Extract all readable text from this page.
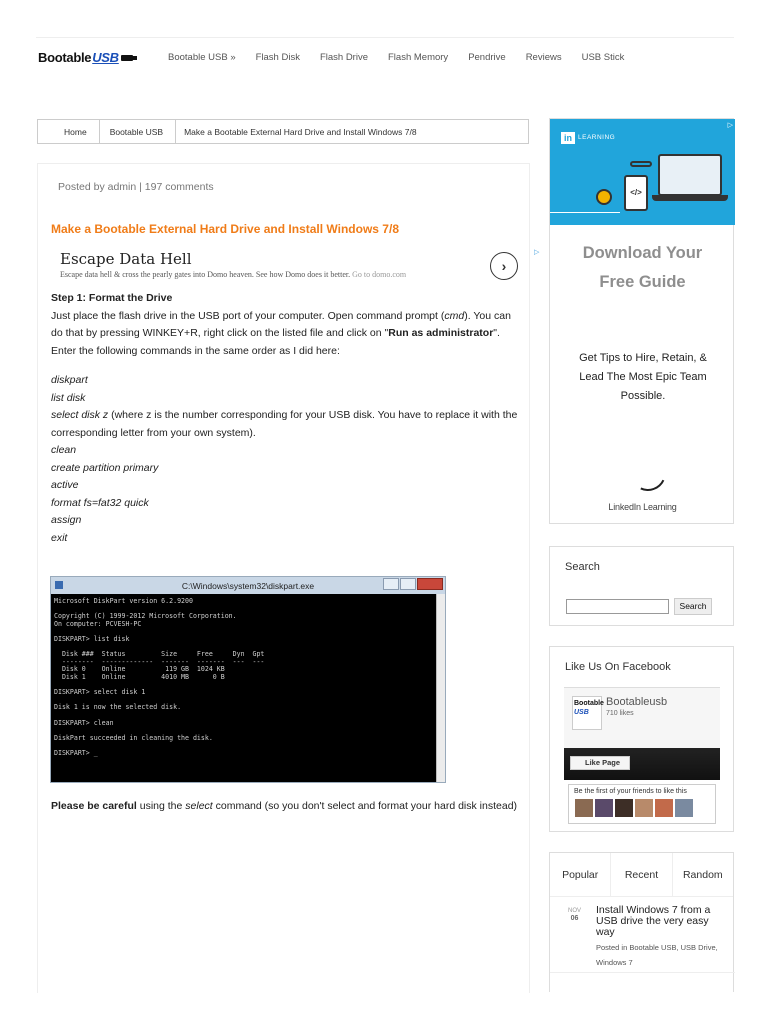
Bootable USB	Bootable USB » Flash Disk Flash Drive Flash Memory Pendrive Reviews USB Stick
Home	Bootable USB	Make a Bootable External Hard Drive and Install Windows 7/8
Posted by admin | 197 comments
Make a Bootable External Hard Drive and Install Windows 7/8
Escape Data Hell
Escape data hell & cross the pearly gates into Domo heaven. See how Domo does it better. Go to domo.com
›
▷
Step 1: Format the Drive
Just place the flash drive in the USB port of your computer. Open command prompt (cmd). You can do that by pressing WINKEY+R, right click on the listed file and click on "Run as administrator".
Enter the following commands in the same order as I did here:
diskpart
list disk
select disk z (where z is the number corresponding for your USB disk. You have to replace it with the corresponding letter from your own system).
clean
create partition primary
active
format fs=fat32 quick
assign
exit
C:\Windows\system32\diskpart.exe
Microsoft DiskPart version 6.2.9200

Copyright (C) 1999-2012 Microsoft Corporation.
On computer: PCVESH-PC

DISKPART> list disk

Disk ###  Status         Size     Free     Dyn  Gpt
--------  -------------  -------  -------  ---  ---
Disk 0    Online          119 GB  1024 KB
Disk 1    Online         4010 MB      0 B

DISKPART> select disk 1

Disk 1 is now the selected disk.

DISKPART> clean

DiskPart succeeded in cleaning the disk.

DISKPART> _
Please be careful using the select command (so you don't select and format your hard disk instead)
in LEARNING
▷
</>
Download Your
Free Guide
Get Tips to Hire, Retain, & Lead The Most Epic Team Possible.
LinkedIn Learning
Search
Search
Like Us On Facebook
Bootable
USB
Bootableusb
710 likes
Like Page
Be the first of your friends to like this
Popular	Recent	Random
NOV
06
Install Windows 7 from a USB drive the very easy way
Posted in Bootable USB, USB Drive, Windows 7
